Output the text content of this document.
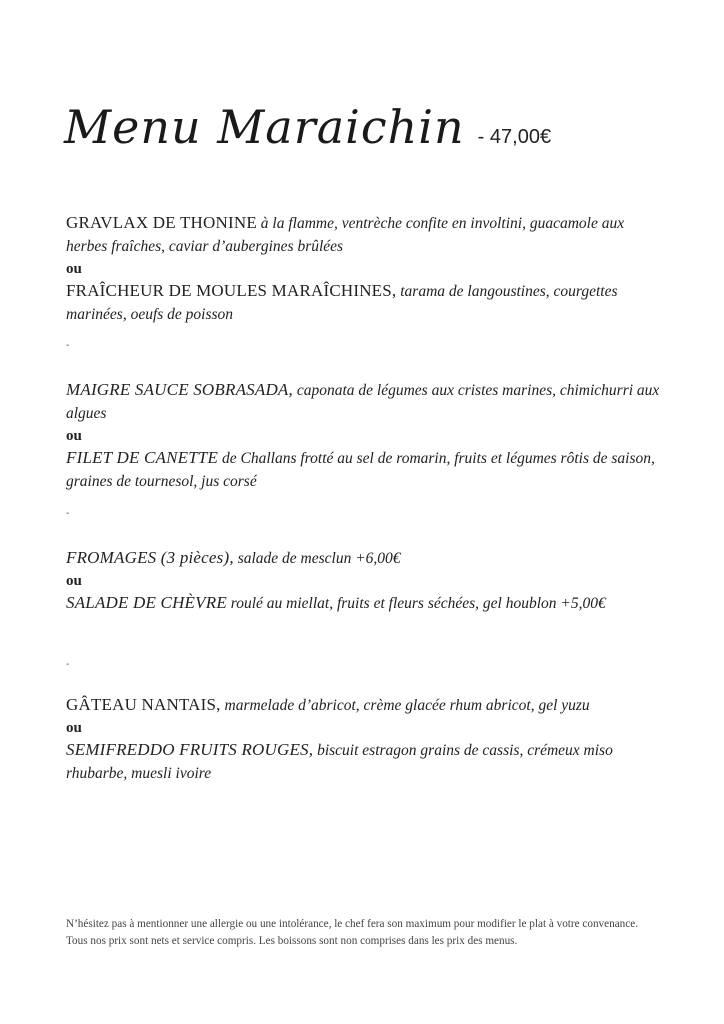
Menu Maraichin - 47,00€
GRAVLAX DE THONINE à la flamme, ventrèche confite en involtini, guacamole aux herbes fraîches, caviar d’aubergines brûlées
ou
FRAÎCHEUR DE MOULES MARAÎCHINES, tarama de langoustines, courgettes marinées, oeufs de poisson
-
MAIGRE SAUCE SOBRASADA, caponata de légumes aux cristes marines, chimichurri aux algues
ou
FILET DE CANETTE de Challans frotté au sel de romarin, fruits et légumes rôtis de saison, graines de tournesol, jus corsé
-
FROMAGES (3 pièces), salade de mesclun +6,00€
ou
SALADE DE CHÈVRE roulé au miellat, fruits et fleurs séchées, gel houblon +5,00€
-
GÂTEAU NANTAIS, marmelade d’abricot, crème glacée rhum abricot, gel yuzu
ou
SEMIFREDDO FRUITS ROUGES, biscuit estragon grains de cassis, crémeux miso rhubarbe, muesli ivoire
N’hésitez pas à mentionner une allergie ou une intolérance, le chef fera son maximum pour modifier le plat à votre convenance.
Tous nos prix sont nets et service compris. Les boissons sont non comprises dans les prix des menus.
